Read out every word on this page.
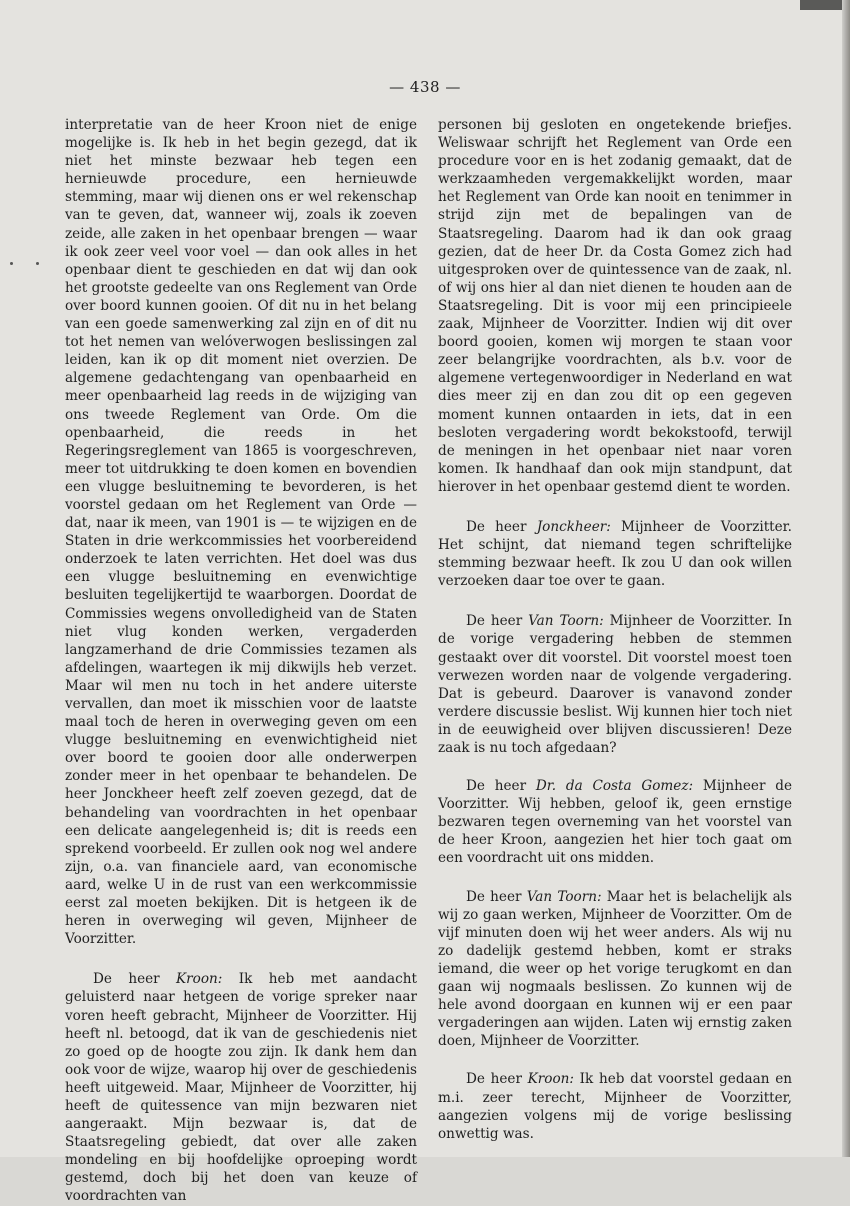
— 438 —

interpretatie van de heer Kroon niet de enige mogelijke is. Ik heb in het begin gezegd, dat ik niet het minste bezwaar heb tegen een hernieuwde procedure, een hernieuwde stemming, maar wij dienen ons er wel rekenschap van te geven, dat, wanneer wij, zoals ik zoeven zeide, alle zaken in het openbaar brengen — waar ik ook zeer veel voor voel — dan ook alles in het openbaar dient te geschieden en dat wij dan ook het grootste gedeelte van ons Reglement van Orde over boord kunnen gooien. Of dit nu in het belang van een goede samenwerking zal zijn en of dit nu tot het nemen van welóverwogen beslissingen zal leiden, kan ik op dit moment niet overzien. De algemene gedachtengang van openbaarheid en meer openbaarheid lag reeds in de wijziging van ons tweede Reglement van Orde. Om die openbaarheid, die reeds in het Regeringsreglement van 1865 is voorgeschreven, meer tot uitdrukking te doen komen en bovendien een vlugge besluitneming te bevorderen, is het voorstel gedaan om het Reglement van Orde — dat, naar ik meen, van 1901 is — te wijzigen en de Staten in drie werkcommissies het voorbereidend onderzoek te laten verrichten. Het doel was dus een vlugge besluitneming en evenwichtige besluiten tegelijkertijd te waarborgen. Doordat de Commissies wegens onvolledigheid van de Staten niet vlug konden werken, vergaderden langzamerhand de drie Commissies tezamen als afdelingen, waartegen ik mij dikwijls heb verzet. Maar wil men nu toch in het andere uiterste vervallen, dan moet ik misschien voor de laatste maal toch de heren in overweging geven om een vlugge besluitneming en evenwichtigheid niet over boord te gooien door alle onderwerpen zonder meer in het openbaar te behandelen. De heer Jonckheer heeft zelf zoeven gezegd, dat de behandeling van voordrachten in het openbaar een delicate aangelegenheid is; dit is reeds een sprekend voorbeeld. Er zullen ook nog wel andere zijn, o.a. van financiele aard, van economische aard, welke U in de rust van een werkcommissie eerst zal moeten bekijken. Dit is hetgeen ik de heren in overweging wil geven, Mijnheer de Voorzitter.

De heer Kroon: Ik heb met aandacht geluisterd naar hetgeen de vorige spreker naar voren heeft gebracht, Mijnheer de Voorzitter. Hij heeft nl. betoogd, dat ik van de geschiedenis niet zo goed op de hoogte zou zijn. Ik dank hem dan ook voor de wijze, waarop hij over de geschiedenis heeft uitgeweid. Maar, Mijnheer de Voorzitter, hij heeft de quitessence van mijn bezwaren niet aangeraakt. Mijn bezwaar is, dat de Staatsregeling gebiedt, dat over alle zaken mondeling en bij hoofdelijke oproeping wordt gestemd, doch bij het doen van keuze of voordrachten van

personen bij gesloten en ongetekende briefjes. Weliswaar schrijft het Reglement van Orde een procedure voor en is het zodanig gemaakt, dat de werkzaamheden vergemakkelijkt worden, maar het Reglement van Orde kan nooit en tenimmer in strijd zijn met de bepalingen van de Staatsregeling. Daarom had ik dan ook graag gezien, dat de heer Dr. da Costa Gomez zich had uitgesproken over de quintessence van de zaak, nl. of wij ons hier al dan niet dienen te houden aan de Staatsregeling. Dit is voor mij een principieele zaak, Mijnheer de Voorzitter. Indien wij dit over boord gooien, komen wij morgen te staan voor zeer belangrijke voordrachten, als b.v. voor de algemene vertegenwoordiger in Nederland en wat dies meer zij en dan zou dit op een gegeven moment kunnen ontaarden in iets, dat in een besloten vergadering wordt bekokstoofd, terwijl de meningen in het openbaar niet naar voren komen. Ik handhaaf dan ook mijn standpunt, dat hierover in het openbaar gestemd dient te worden.

De heer Jonckheer: Mijnheer de Voorzitter. Het schijnt, dat niemand tegen schriftelijke stemming bezwaar heeft. Ik zou U dan ook willen verzoeken daar toe over te gaan.

De heer Van Toorn: Mijnheer de Voorzitter. In de vorige vergadering hebben de stemmen gestaakt over dit voorstel. Dit voorstel moest toen verwezen worden naar de volgende vergadering. Dat is gebeurd. Daarover is vanavond zonder verdere discussie beslist. Wij kunnen hier toch niet in de eeuwigheid over blijven discussieren! Deze zaak is nu toch afgedaan?

De heer Dr. da Costa Gomez: Mijnheer de Voorzitter. Wij hebben, geloof ik, geen ernstige bezwaren tegen overneming van het voorstel van de heer Kroon, aangezien het hier toch gaat om een voordracht uit ons midden.

De heer Van Toorn: Maar het is belachelijk als wij zo gaan werken, Mijnheer de Voorzitter. Om de vijf minuten doen wij het weer anders. Als wij nu zo dadelijk gestemd hebben, komt er straks iemand, die weer op het vorige terugkomt en dan gaan wij nogmaals beslissen. Zo kunnen wij de hele avond doorgaan en kunnen wij er een paar vergaderingen aan wijden. Laten wij ernstig zaken doen, Mijnheer de Voorzitter.

De heer Kroon: Ik heb dat voorstel gedaan en m.i. zeer terecht, Mijnheer de Voorzitter, aangezien volgens mij de vorige beslissing onwettig was.
